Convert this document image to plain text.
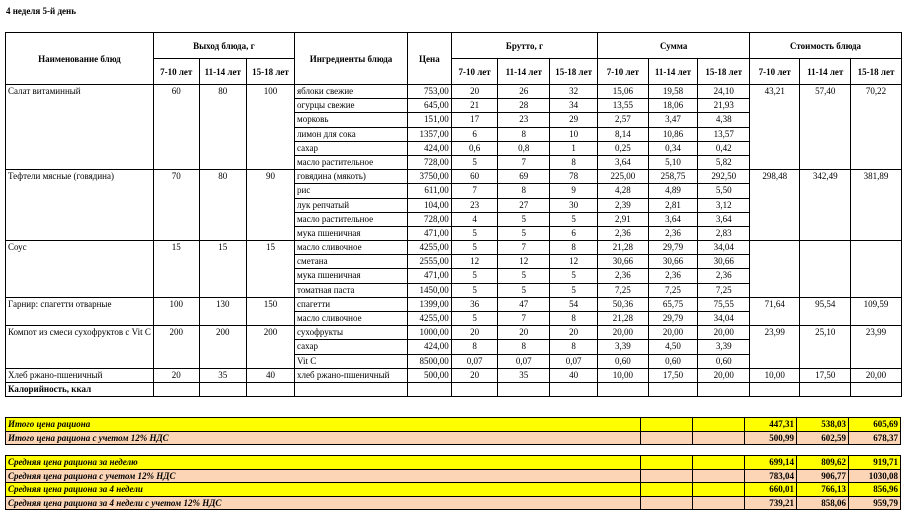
4 неделя 5-й день
Наименование блюд	Выход блюда, г			Ингредиенты блюда	Цена	Брутто, г			Сумма			Стоимость блюда		
	7-10 лет	11-14 лет	15-18 лет			7-10 лет	11-14 лет	15-18 лет	7-10 лет	11-14 лет	15-18 лет	7-10 лет	11-14 лет	15-18 лет
Салат витаминный	60	80	100	яблоки свежие	753,00	20	26	32	15,06	19,58	24,10	43,21	57,40	70,22
				огурцы свежие	645,00	21	28	34	13,55	18,06	21,93			
				морковь	151,00	17	23	29	2,57	3,47	4,38			
				лимон для сока	1357,00	6	8	10	8,14	10,86	13,57			
				сахар	424,00	0,6	0,8	1	0,25	0,34	0,42			
				масло растительное	728,00	5	7	8	3,64	5,10	5,82			
Тефтели мясные (говядина)	70	80	90	говядина (мякоть)	3750,00	60	69	78	225,00	258,75	292,50	298,48	342,49	381,89
				рис	611,00	7	8	9	4,28	4,89	5,50			
				лук репчатый	104,00	23	27	30	2,39	2,81	3,12			
				масло растительное	728,00	4	5	5	2,91	3,64	3,64			
				мука пшеничная	471,00	5	5	6	2,36	2,36	2,83			
Соус	15	15	15	масло сливочное	4255,00	5	7	8	21,28	29,79	34,04			
				сметана	2555,00	12	12	12	30,66	30,66	30,66			
				мука пшеничная	471,00	5	5	5	2,36	2,36	2,36			
				томатная паста	1450,00	5	5	5	7,25	7,25	7,25			
Гарнир: спагетти отварные	100	130	150	спагетти	1399,00	36	47	54	50,36	65,75	75,55	71,64	95,54	109,59
				масло сливочное	4255,00	5	7	8	21,28	29,79	34,04			
Компот из смеси сухофруктов с Vit C	200	200	200	сухофрукты	1000,00	20	20	20	20,00	20,00	20,00	23,99	25,10	23,99
				сахар	424,00	8	8	8	3,39	4,50	3,39			
				Vit C	8500,00	0,07	0,07	0,07	0,60	0,60	0,60			
Хлеб ржано-пшеничный	20	35	40	хлеб ржано-пшеничный	500,00	20	35	40	10,00	17,50	20,00	10,00	17,50	20,00
Калорийность, ккал														
Итого цена рациона			447,31	538,03	605,69
Итого цена рациона с учетом 12% НДС			500,99	602,59	678,37

Средняя цена рациона за неделю			699,14	809,62	919,71
Средняя цена рациона с учетом 12% НДС			783,04	906,77	1030,08
Средняя цена рациона за 4 недели			660,01	766,13	856,96
Средняя цена рациона за 4 недели с учетом 12% НДС			739,21	858,06	959,79
